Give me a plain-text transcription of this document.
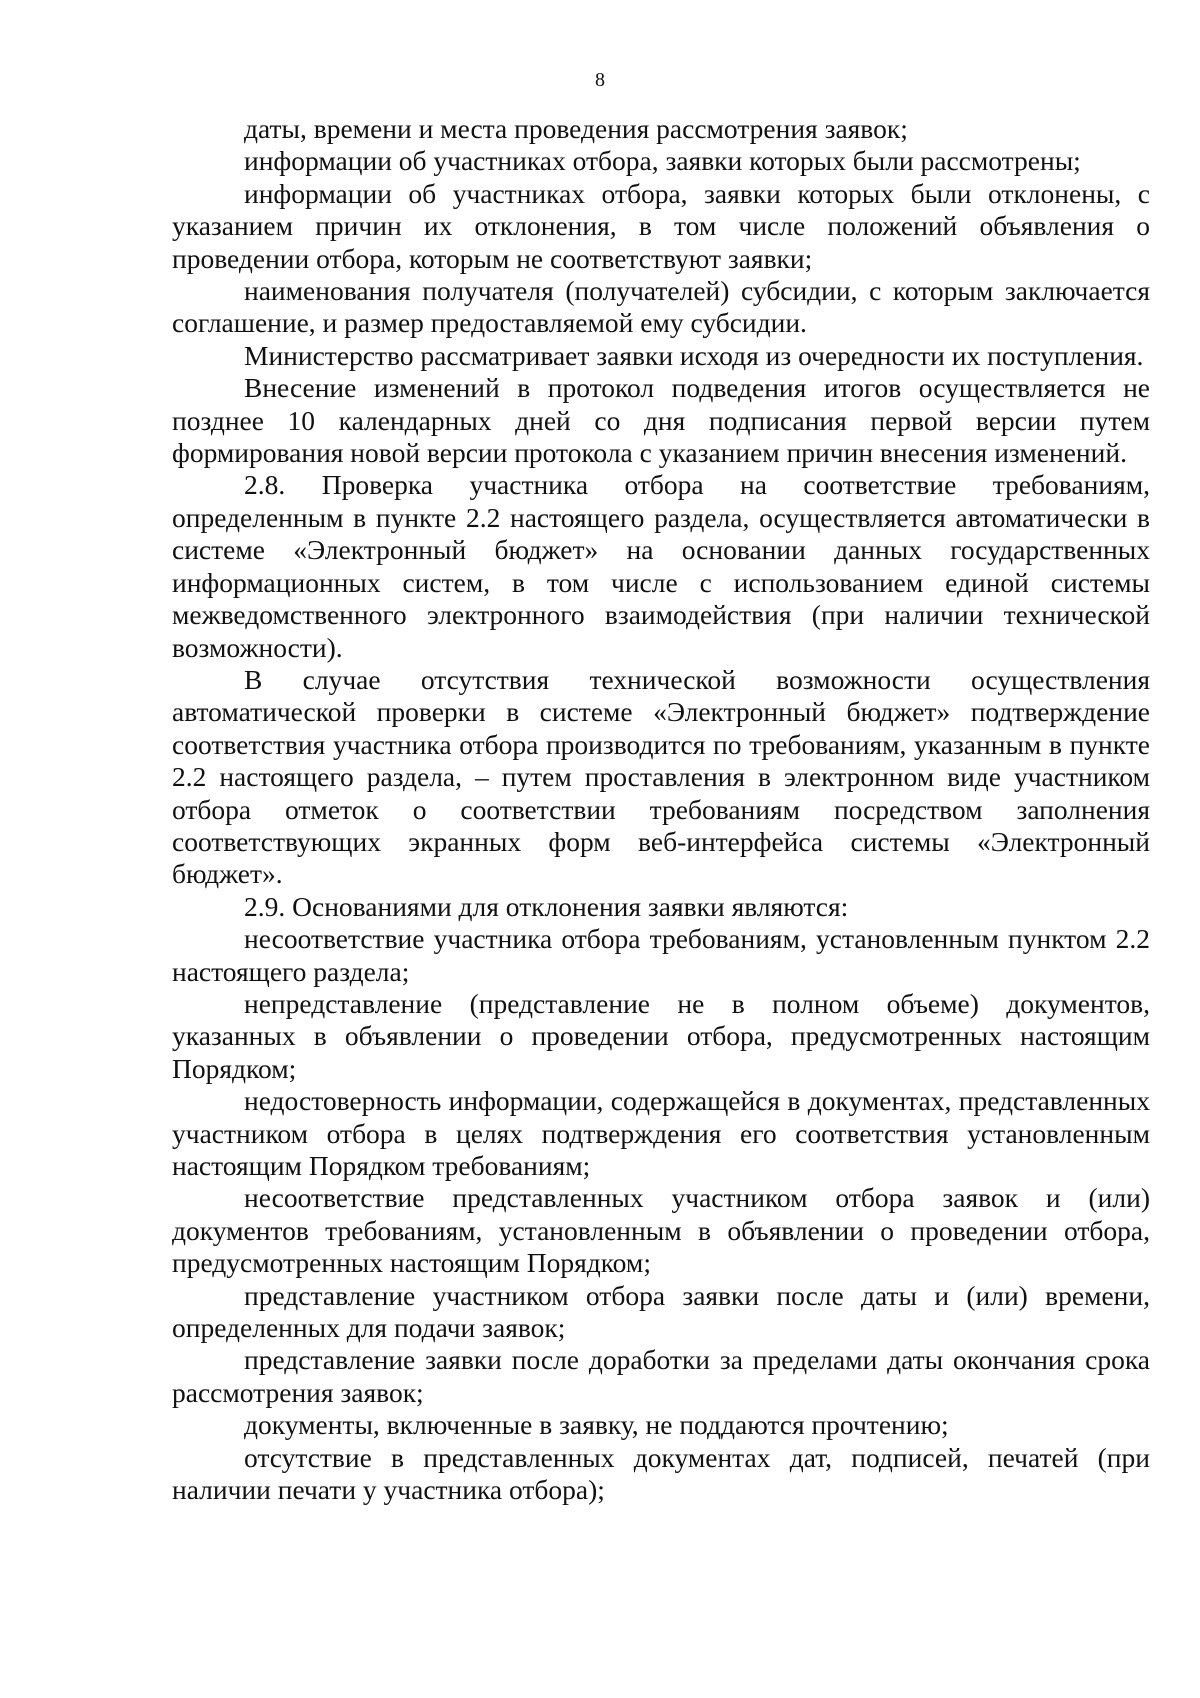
8

даты, времени и места проведения рассмотрения заявок;

информации об участниках отбора, заявки которых были рассмотрены;

информации об участниках отбора, заявки которых были отклонены, с указанием причин их отклонения, в том числе положений объявления о проведении отбора, которым не соответствуют заявки;

наименования получателя (получателей) субсидии, с которым заключается соглашение, и размер предоставляемой ему субсидии.

Министерство рассматривает заявки исходя из очередности их поступления.

Внесение изменений в протокол подведения итогов осуществляется не позднее 10 календарных дней со дня подписания первой версии путем формирования новой версии протокола с указанием причин внесения изменений.

2.8. Проверка участника отбора на соответствие требованиям, определенным в пункте 2.2 настоящего раздела, осуществляется автоматически в системе «Электронный бюджет» на основании данных государственных информационных систем, в том числе с использованием единой системы межведомственного электронного взаимодействия (при наличии технической возможности).

В случае отсутствия технической возможности осуществления автоматической проверки в системе «Электронный бюджет» подтверждение соответствия участника отбора производится по требованиям, указанным в пункте 2.2 настоящего раздела, – путем проставления в электронном виде участником отбора отметок о соответствии требованиям посредством заполнения соответствующих экранных форм веб-интерфейса системы «Электронный бюджет».

2.9. Основаниями для отклонения заявки являются:

несоответствие участника отбора требованиям, установленным пунктом 2.2 настоящего раздела;

непредставление (представление не в полном объеме) документов, указанных в объявлении о проведении отбора, предусмотренных настоящим Порядком;

недостоверность информации, содержащейся в документах, представленных участником отбора в целях подтверждения его соответствия установленным настоящим Порядком требованиям;

несоответствие представленных участником отбора заявок и (или) документов требованиям, установленным в объявлении о проведении отбора, предусмотренных настоящим Порядком;

представление участником отбора заявки после даты и (или) времени, определенных для подачи заявок;

представление заявки после доработки за пределами даты окончания срока рассмотрения заявок;

документы, включенные в заявку, не поддаются прочтению;

отсутствие в представленных документах дат, подписей, печатей (при наличии печати у участника отбора);
